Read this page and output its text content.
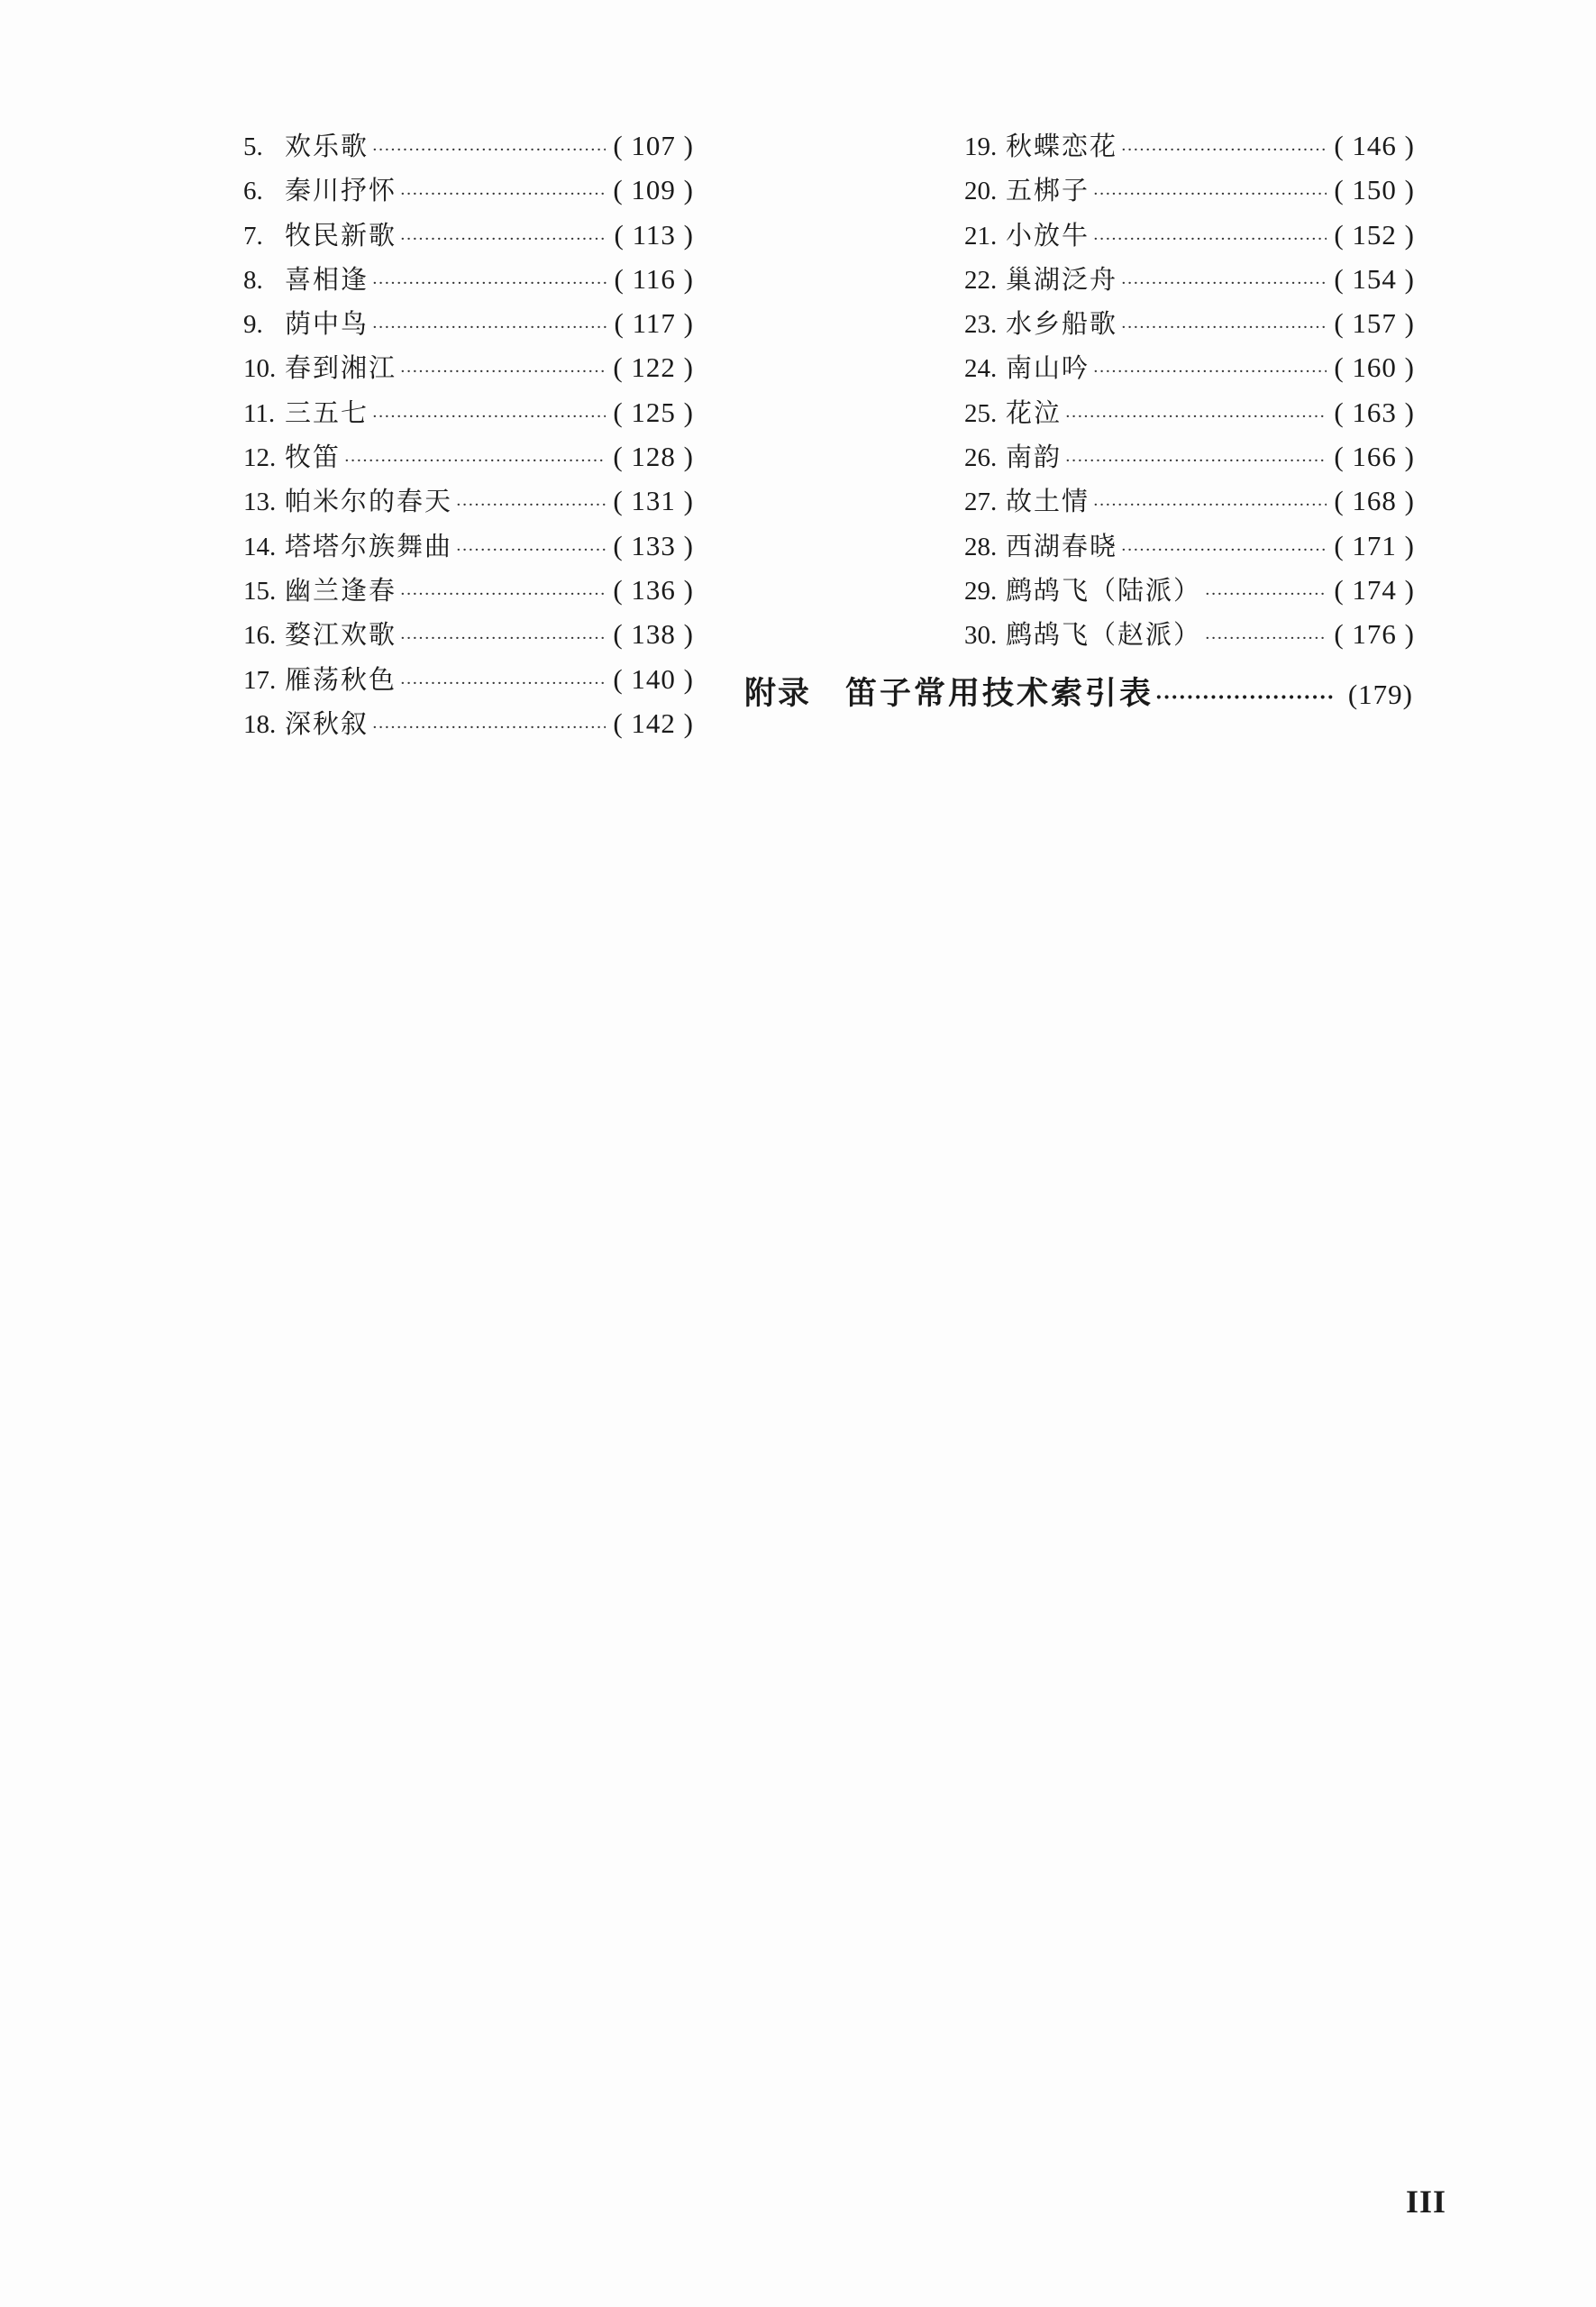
5. 欢乐歌 ·····	( 107 )
6. 秦川抒怀 ·····	( 109 )
7. 牧民新歌 ·····	( 113 )
8. 喜相逢 ·····	( 116 )
9. 荫中鸟 ·····	( 117 )
10. 春到湘江 ·····	( 122 )
11. 三五七 ·····	( 125 )
12. 牧笛 ·····	( 128 )
13. 帕米尔的春天 ·····	( 131 )
14. 塔塔尔族舞曲 ·····	( 133 )
15. 幽兰逢春 ·····	( 136 )
16. 婺江欢歌 ·····	( 138 )
17. 雁荡秋色 ·····	( 140 )
18. 深秋叙 ·····	( 142 )
19. 秋蝶恋花 ·····	( 146 )
20. 五梆子 ·····	( 150 )
21. 小放牛 ·····	( 152 )
22. 巢湖泛舟 ·····	( 154 )
23. 水乡船歌 ·····	( 157 )
24. 南山吟 ·····	( 160 )
25. 花泣 ·····	( 163 )
26. 南韵 ·····	( 166 )
27. 故土情 ·····	( 168 )
28. 西湖春晓 ·····	( 171 )
29. 鹧鸪飞（陆派） ·····	( 174 )
30. 鹧鸪飞（赵派） ·····	( 176 )
附录 笛子常用技术索引表 ·····	(179)
III
